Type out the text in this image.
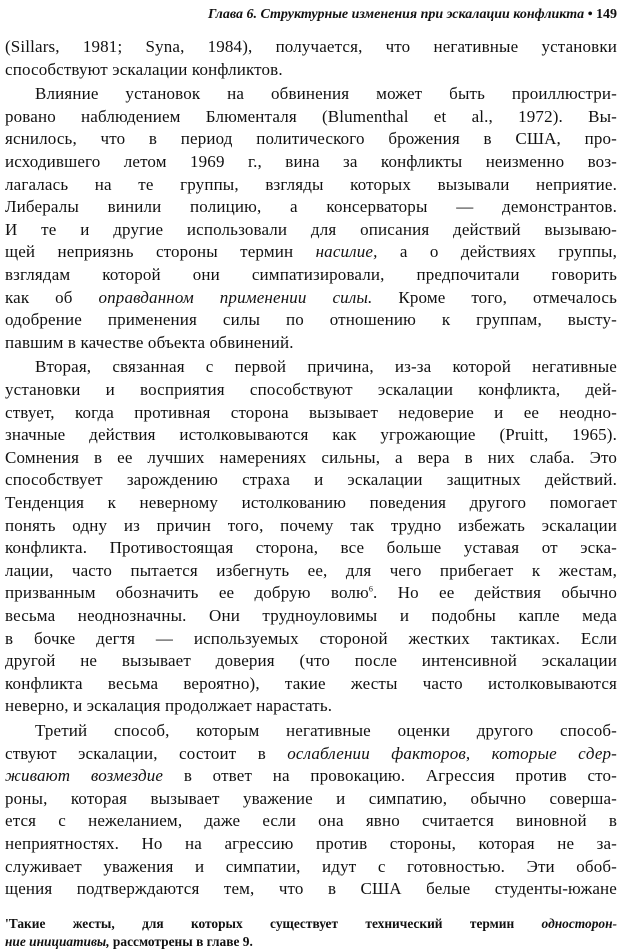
Глава 6. Структурные изменения при эскалации конфликта • 149
(Sillars, 1981; Syna, 1984), получается, что негативные установки
способствуют эскалации конфликтов.
Влияние установок на обвинения может быть проиллюстри-
ровано наблюдением Блюменталя (Blumenthal et al., 1972). Вы-
яснилось, что в период политического брожения в США, про-
исходившего летом 1969 г., вина за конфликты неизменно воз-
лагалась на те группы, взгляды которых вызывали неприятие.
Либералы винили полицию, а консерваторы — демонстрантов.
И те и другие использовали для описания действий вызываю-
щей неприязнь стороны термин насилие, а о действиях группы,
взглядам которой они симпатизировали, предпочитали говорить
как об оправданном применении силы. Кроме того, отмечалось
одобрение применения силы по отношению к группам, высту-
павшим в качестве объекта обвинений.
Вторая, связанная с первой причина, из-за которой негативные
установки и восприятия способствуют эскалации конфликта, дей-
ствует, когда противная сторона вызывает недоверие и ее неодно-
значные действия истолковываются как угрожающие (Pruitt, 1965).
Сомнения в ее лучших намерениях сильны, а вера в них слаба. Это
способствует зарождению страха и эскалации защитных действий.
Тенденция к неверному истолкованию поведения другого помогает
понять одну из причин того, почему так трудно избежать эскалации
конфликта. Противостоящая сторона, все больше уставая от эска-
лации, часто пытается избегнуть ее, для чего прибегает к жестам,
призванным обозначить ее добрую волю$^6$. Но ее действия обычно
весьма неоднозначны. Они трудноуловимы и подобны капле меда
в бочке дегтя — используемых стороной жестких тактиках. Если
другой не вызывает доверия (что после интенсивной эскалации
конфликта весьма вероятно), такие жесты часто истолковываются
неверно, и эскалация продолжает нарастать.
Третий способ, которым негативные оценки другого способ-
ствуют эскалации, состоит в ослаблении факторов, которые сдер-
живают возмездие в ответ на провокацию. Агрессия против сто-
роны, которая вызывает уважение и симпатию, обычно совершa-
ется с нежеланием, даже если она явно считается виновной в
неприятностях. Но на агрессию против стороны, которая не за-
служивает уважения и симпатии, идут с готовностью. Эти обоб-
щения подтверждаются тем, что в США белые студенты-южане
'Такие жесты, для которых существует технический термин односторон-
ние инициативы, рассмотрены в главе 9.
